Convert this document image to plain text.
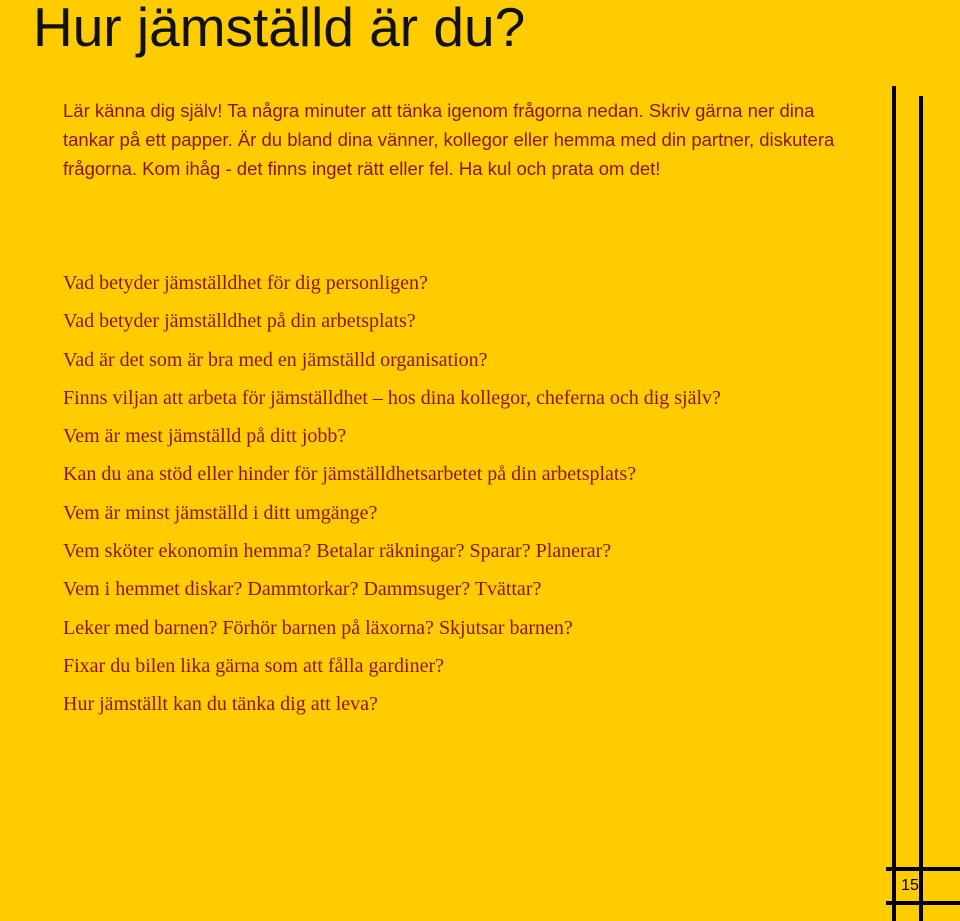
Hur jämställd är du?

Lär känna dig själv! Ta några minuter att tänka igenom frågorna nedan. Skriv gärna ner dina tankar på ett papper. Är du bland dina vänner, kollegor eller hemma med din partner, diskutera frågorna. Kom ihåg - det finns inget rätt eller fel. Ha kul och prata om det!

Vad betyder jämställdhet för dig personligen?
Vad betyder jämställdhet på din arbetsplats?
Vad är det som är bra med en jämställd organisation?
Finns viljan att arbeta för jämställdhet – hos dina kollegor, cheferna och dig själv?
Vem är mest jämställd på ditt jobb?
Kan du ana stöd eller hinder för jämställdhetsarbetet på din arbetsplats?
Vem är minst jämställd i ditt umgänge?
Vem sköter ekonomin hemma? Betalar räkningar? Sparar? Planerar?
Vem i hemmet diskar? Dammtorkar? Dammsuger? Tvättar?
Leker med barnen? Förhör barnen på läxorna? Skjutsar barnen?
Fixar du bilen lika gärna som att fålla gardiner?
Hur jämställt kan du tänka dig att leva?
15
